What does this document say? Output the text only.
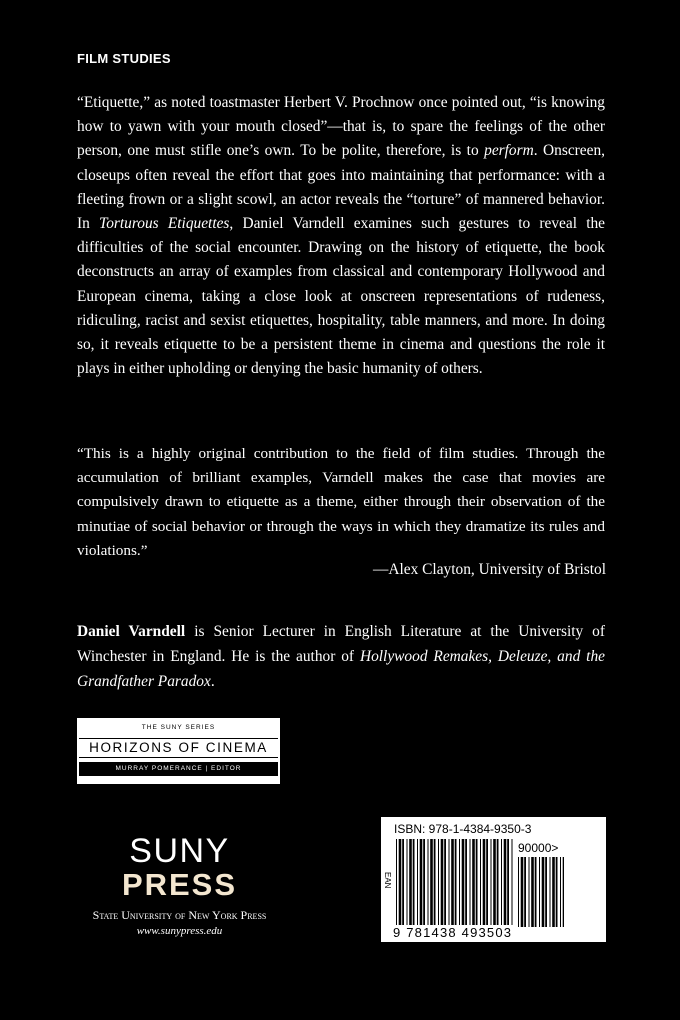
FILM STUDIES

“Etiquette,” as noted toastmaster Herbert V. Prochnow once pointed out, “is knowing how to yawn with your mouth closed”—that is, to spare the feelings of the other person, one must stifle one’s own. To be polite, therefore, is to perform. Onscreen, closeups often reveal the effort that goes into maintaining that performance: with a fleeting frown or a slight scowl, an actor reveals the “torture” of mannered behavior. In Torturous Etiquettes, Daniel Varndell examines such gestures to reveal the difficulties of the social encounter. Drawing on the history of etiquette, the book deconstructs an array of examples from classical and contemporary Hollywood and European cinema, taking a close look at onscreen representations of rudeness, ridiculing, racist and sexist etiquettes, hospitality, table manners, and more. In doing so, it reveals etiquette to be a persistent theme in cinema and questions the role it plays in either upholding or denying the basic humanity of others.

“This is a highly original contribution to the field of film studies. Through the accumulation of brilliant examples, Varndell makes the case that movies are compulsively drawn to etiquette as a theme, either through their observation of the minutiae of social behavior or through the ways in which they dramatize its rules and violations.”

—Alex Clayton, University of Bristol

Daniel Varndell is Senior Lecturer in English Literature at the University of Winchester in England. He is the author of Hollywood Remakes, Deleuze, and the Grandfather Paradox.

THE SUNY SERIES
HORIZONS OF CINEMA
MURRAY POMERANCE | EDITOR
SUNY
PRESS
State University of New York Press
www.sunypress.edu
ISBN: 978-1-4384-9350-3
EAN
90000>
9 781438 493503
